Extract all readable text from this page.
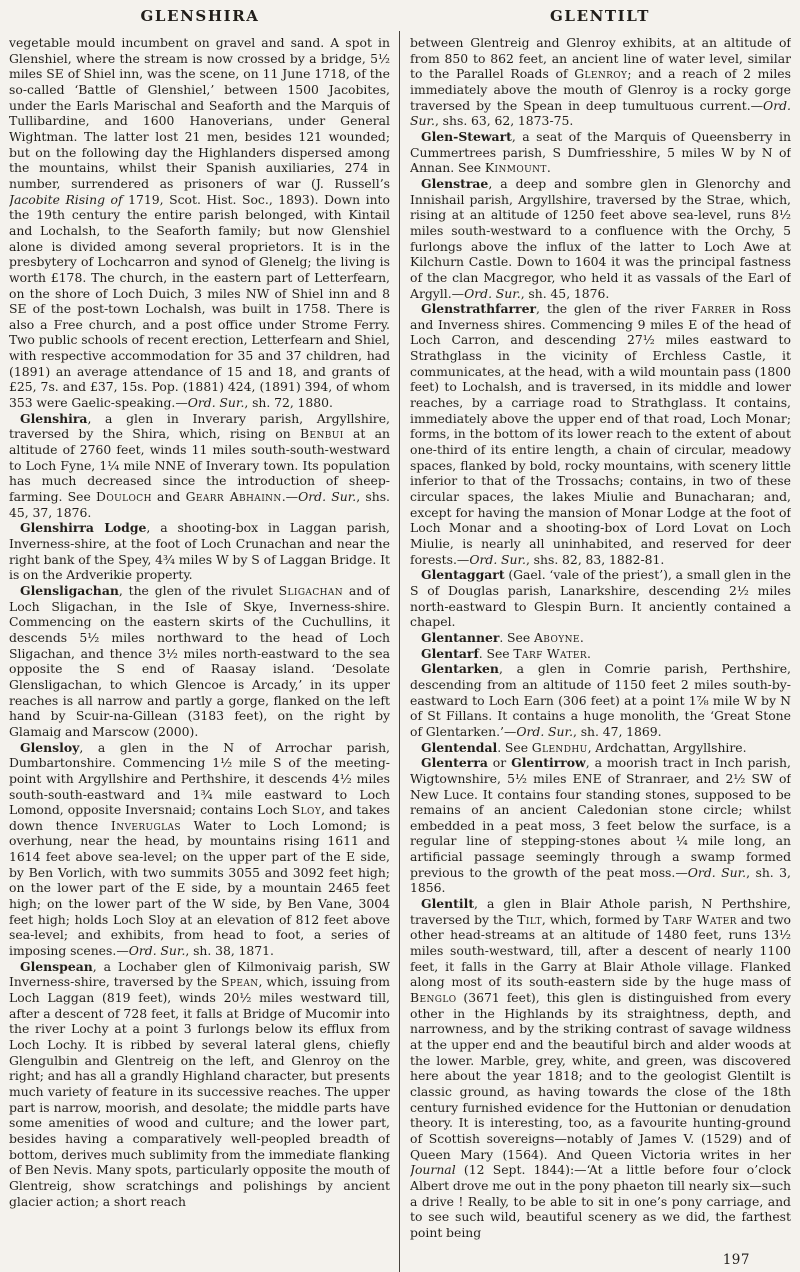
GLENSHIRA	GLENTILT

vegetable mould incumbent on gravel and sand. A spot in Glenshiel, where the stream is now crossed by a bridge, 5½ miles SE of Shiel inn, was the scene, on 11 June 1718, of the so-called ‘Battle of Glenshiel,’ between 1500 Jacobites, under the Earls Marischal and Seaforth and the Marquis of Tullibardine, and 1600 Hanoverians, under General Wightman. The latter lost 21 men, besides 121 wounded; but on the following day the Highlanders dispersed among the mountains, whilst their Spanish auxiliaries, 274 in number, surrendered as prisoners of war (J. Russell’s Jacobite Rising of 1719, Scot. Hist. Soc., 1893). Down into the 19th century the entire parish belonged, with Kintail and Lochalsh, to the Seaforth family; but now Glenshiel alone is divided among several proprietors. It is in the presbytery of Lochcarron and synod of Glenelg; the living is worth £178. The church, in the eastern part of Letterfearn, on the shore of Loch Duich, 3 miles NW of Shiel inn and 8 SE of the post-town Lochalsh, was built in 1758. There is also a Free church, and a post office under Strome Ferry. Two public schools of recent erection, Letterfearn and Shiel, with respective accommodation for 35 and 37 children, had (1891) an average attendance of 15 and 18, and grants of £25, 7s. and £37, 15s. Pop. (1881) 424, (1891) 394, of whom 353 were Gaelic-speaking.—Ord. Sur., sh. 72, 1880.

Glenshira, a glen in Inverary parish, Argyllshire, traversed by the Shira, which, rising on Benbui at an altitude of 2760 feet, winds 11 miles south-south-westward to Loch Fyne, 1¼ mile NNE of Inverary town. Its population has much decreased since the introduction of sheep-farming. See Douloch and Gearr Abhainn.—Ord. Sur., shs. 45, 37, 1876.

Glenshirra Lodge, a shooting-box in Laggan parish, Inverness-shire, at the foot of Loch Crunachan and near the right bank of the Spey, 4¾ miles W by S of Laggan Bridge. It is on the Ardverikie property.

Glensligachan, the glen of the rivulet Sligachan and of Loch Sligachan, in the Isle of Skye, Inverness-shire. Commencing on the eastern skirts of the Cuchullins, it descends 5½ miles northward to the head of Loch Sligachan, and thence 3½ miles north-eastward to the sea opposite the S end of Raasay island. ‘Desolate Glensligachan, to which Glencoe is Arcady,’ in its upper reaches is all narrow and partly a gorge, flanked on the left hand by Scuir-na-Gillean (3183 feet), on the right by Glamaig and Marscow (2000).

Glensloy, a glen in the N of Arrochar parish, Dumbartonshire. Commencing 1½ mile S of the meeting-point with Argyllshire and Perthshire, it descends 4½ miles south-south-eastward and 1¾ mile eastward to Loch Lomond, opposite Inversnaid; contains Loch Sloy, and takes down thence Inveruglas Water to Loch Lomond; is overhung, near the head, by mountains rising 1611 and 1614 feet above sea-level; on the upper part of the E side, by Ben Vorlich, with two summits 3055 and 3092 feet high; on the lower part of the E side, by a mountain 2465 feet high; on the lower part of the W side, by Ben Vane, 3004 feet high; holds Loch Sloy at an elevation of 812 feet above sea-level; and exhibits, from head to foot, a series of imposing scenes.—Ord. Sur., sh. 38, 1871.

Glenspean, a Lochaber glen of Kilmonivaig parish, SW Inverness-shire, traversed by the Spean, which, issuing from Loch Laggan (819 feet), winds 20½ miles westward till, after a descent of 728 feet, it falls at Bridge of Mucomir into the river Lochy at a point 3 furlongs below its efflux from Loch Lochy. It is ribbed by several lateral glens, chiefly Glengulbin and Glentreig on the left, and Glenroy on the right; and has all a grandly Highland character, but presents much variety of feature in its successive reaches. The upper part is narrow, moorish, and desolate; the middle parts have some amenities of wood and culture; and the lower part, besides having a comparatively well-peopled breadth of bottom, derives much sublimity from the immediate flanking of Ben Nevis. Many spots, particularly opposite the mouth of Glentreig, show scratchings and polishings by ancient glacier action; a short reach

between Glentreig and Glenroy exhibits, at an altitude of from 850 to 862 feet, an ancient line of water level, similar to the Parallel Roads of Glenroy; and a reach of 2 miles immediately above the mouth of Glenroy is a rocky gorge traversed by the Spean in deep tumultuous current.—Ord. Sur., shs. 63, 62, 1873-75.

Glen-Stewart, a seat of the Marquis of Queensberry in Cummertrees parish, S Dumfriesshire, 5 miles W by N of Annan. See Kinmount.

Glenstrae, a deep and sombre glen in Glenorchy and Innishail parish, Argyllshire, traversed by the Strae, which, rising at an altitude of 1250 feet above sea-level, runs 8½ miles south-westward to a confluence with the Orchy, 5 furlongs above the influx of the latter to Loch Awe at Kilchurn Castle. Down to 1604 it was the principal fastness of the clan Macgregor, who held it as vassals of the Earl of Argyll.—Ord. Sur., sh. 45, 1876.

Glenstrathfarrer, the glen of the river Farrer in Ross and Inverness shires. Commencing 9 miles E of the head of Loch Carron, and descending 27½ miles eastward to Strathglass in the vicinity of Erchless Castle, it communicates, at the head, with a wild mountain pass (1800 feet) to Lochalsh, and is traversed, in its middle and lower reaches, by a carriage road to Strathglass. It contains, immediately above the upper end of that road, Loch Monar; forms, in the bottom of its lower reach to the extent of about one-third of its entire length, a chain of circular, meadowy spaces, flanked by bold, rocky mountains, with scenery little inferior to that of the Trossachs; contains, in two of these circular spaces, the lakes Miulie and Bunacharan; and, except for having the mansion of Monar Lodge at the foot of Loch Monar and a shooting-box of Lord Lovat on Loch Miulie, is nearly all uninhabited, and reserved for deer forests.—Ord. Sur., shs. 82, 83, 1882-81.

Glentaggart (Gael. ‘vale of the priest’), a small glen in the S of Douglas parish, Lanarkshire, descending 2½ miles north-eastward to Glespin Burn. It anciently contained a chapel.

Glentanner. See Aboyne.

Glentarf. See Tarf Water.

Glentarken, a glen in Comrie parish, Perthshire, descending from an altitude of 1150 feet 2 miles south-by-eastward to Loch Earn (306 feet) at a point 1⅞ mile W by N of St Fillans. It contains a huge monolith, the ‘Great Stone of Glentarken.’—Ord. Sur., sh. 47, 1869.

Glentendal. See Glendhu, Ardchattan, Argyllshire.

Glenterra or Glentirrow, a moorish tract in Inch parish, Wigtownshire, 5½ miles ENE of Stranraer, and 2½ SW of New Luce. It contains four standing stones, supposed to be remains of an ancient Caledonian stone circle; whilst embedded in a peat moss, 3 feet below the surface, is a regular line of stepping-stones about ¼ mile long, an artificial passage seemingly through a swamp formed previous to the growth of the peat moss.—Ord. Sur., sh. 3, 1856.

Glentilt, a glen in Blair Athole parish, N Perthshire, traversed by the Tilt, which, formed by Tarf Water and two other head-streams at an altitude of 1480 feet, runs 13½ miles south-westward, till, after a descent of nearly 1100 feet, it falls in the Garry at Blair Athole village. Flanked along most of its south-eastern side by the huge mass of Benglo (3671 feet), this glen is distinguished from every other in the Highlands by its straightness, depth, and narrowness, and by the striking contrast of savage wildness at the upper end and the beautiful birch and alder woods at the lower. Marble, grey, white, and green, was discovered here about the year 1818; and to the geologist Glentilt is classic ground, as having towards the close of the 18th century furnished evidence for the Huttonian or denudation theory. It is interesting, too, as a favourite hunting-ground of Scottish sovereigns—notably of James V. (1529) and of Queen Mary (1564). And Queen Victoria writes in her Journal (12 Sept. 1844):—‘At a little before four o’clock Albert drove me out in the pony phaeton till nearly six—such a drive ! Really, to be able to sit in one’s pony carriage, and to see such wild, beautiful scenery as we did, the farthest point being

197
